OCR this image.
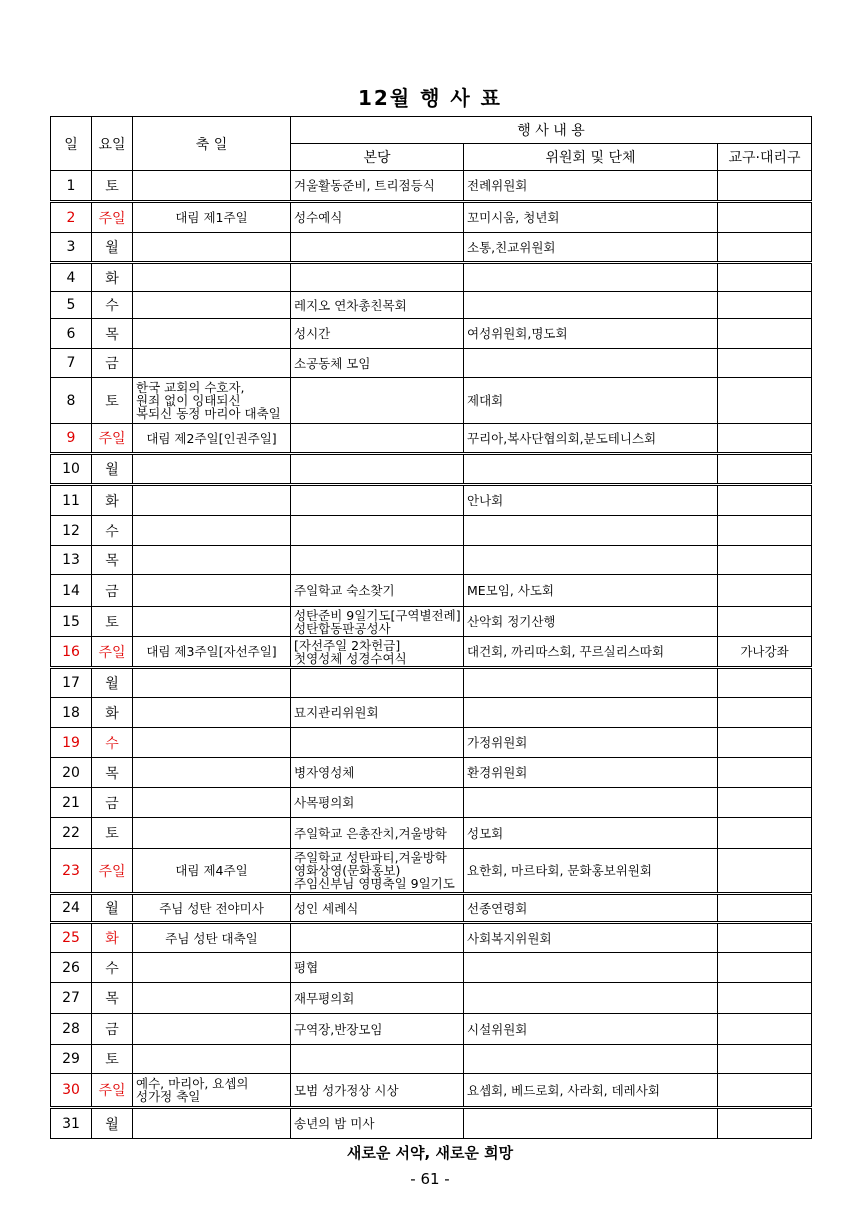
12월 행 사 표
일	요일	축 일	행 사 내 용		
			본당	위원회 및 단체	교구·대리구
1	토		겨울활동준비, 트리점등식	전례위원회	
2	주일	대림 제1주일	성수예식	꼬미시움, 청년회	
3	월			소통,친교위원회	
4	화				
5	수		레지오 연차총친목회		
6	목		성시간	여성위원회,명도회	
7	금		소공동체 모임		
8	토	한국 교회의 수호자,
원죄 없이 잉태되신
복되신 동정 마리아 대축일		제대회	
9	주일	대림 제2주일[인권주일]		꾸리아,복사단협의회,분도테니스회	
10	월				
11	화			안나회	
12	수				
13	목				
14	금		주일학교 숙소찾기	ME모임, 사도회	
15	토		성탄준비 9일기도[구역별전례]
성탄합동판공성사	산악회 정기산행	
16	주일	대림 제3주일[자선주일]	[자선주일 2차헌금]
첫영성체 성경수여식	대건회, 까리따스회, 꾸르실리스따회	가나강좌
17	월				
18	화		묘지관리위원회		
19	수			가정위원회	
20	목		병자영성체	환경위원회	
21	금		사목평의회		
22	토		주일학교 은총잔치,겨울방학	성모회	
23	주일	대림 제4주일	주일학교 성탄파티,겨울방학
영화상영(문화홍보)
주임신부님 영명축일 9일기도	요한회, 마르타회, 문화홍보위원회	
24	월	주님 성탄 전야미사	성인 세례식	선종연령회	
25	화	주님 성탄 대축일		사회복지위원회	
26	수		평협		
27	목		재무평의회		
28	금		구역장,반장모임	시설위원회	
29	토				
30	주일	예수, 마리아, 요셉의
성가정 축일	모범 성가정상 시상	요셉회, 베드로회, 사라회, 데레사회	
31	월		송년의 밤 미사		
새로운 서약, 새로운 희망
- 61 -
